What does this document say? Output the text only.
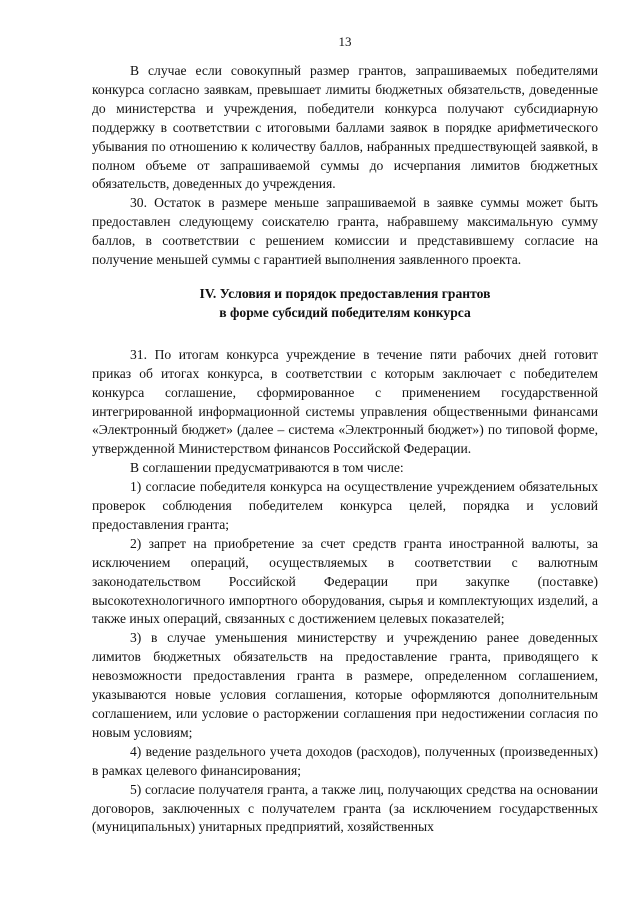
13

В случае если совокупный размер грантов, запрашиваемых победителями конкурса согласно заявкам, превышает лимиты бюджетных обязательств, доведенные до министерства и учреждения, победители конкурса получают субсидиарную поддержку в соответствии с итоговыми баллами заявок в порядке арифметического убывания по отношению к количеству баллов, набранных предшествующей заявкой, в полном объеме от запрашиваемой суммы до исчерпания лимитов бюджетных обязательств, доведенных до учреждения.

30. Остаток в размере меньше запрашиваемой в заявке суммы может быть предоставлен следующему соискателю гранта, набравшему максимальную сумму баллов, в соответствии с решением комиссии и представившему согласие на получение меньшей суммы с гарантией выполнения заявленного проекта.

IV. Условия и порядок предоставления грантов

в форме субсидий победителям конкурса

31. По итогам конкурса учреждение в течение пяти рабочих дней готовит приказ об итогах конкурса, в соответствии с которым заключает с победителем конкурса соглашение, сформированное с применением государственной интегрированной информационной системы управления общественными финансами «Электронный бюджет» (далее – система «Электронный бюджет») по типовой форме, утвержденной Министерством финансов Российской Федерации.

В соглашении предусматриваются в том числе:

1) согласие победителя конкурса на осуществление учреждением обязательных проверок соблюдения победителем конкурса целей, порядка и условий предоставления гранта;

2) запрет на приобретение за счет средств гранта иностранной валюты, за исключением операций, осуществляемых в соответствии с валютным законодательством Российской Федерации при закупке (поставке) высокотехнологичного импортного оборудования, сырья и комплектующих изделий, а также иных операций, связанных с достижением целевых показателей;

3) в случае уменьшения министерству и учреждению ранее доведенных лимитов бюджетных обязательств на предоставление гранта, приводящего к невозможности предоставления гранта в размере, определенном соглашением, указываются новые условия соглашения, которые оформляются дополнительным соглашением, или условие о расторжении соглашения при недостижении согласия по новым условиям;

4) ведение раздельного учета доходов (расходов), полученных (произведенных) в рамках целевого финансирования;

5) согласие получателя гранта, а также лиц, получающих средства на основании договоров, заключенных с получателем гранта (за исключением государственных (муниципальных) унитарных предприятий, хозяйственных
